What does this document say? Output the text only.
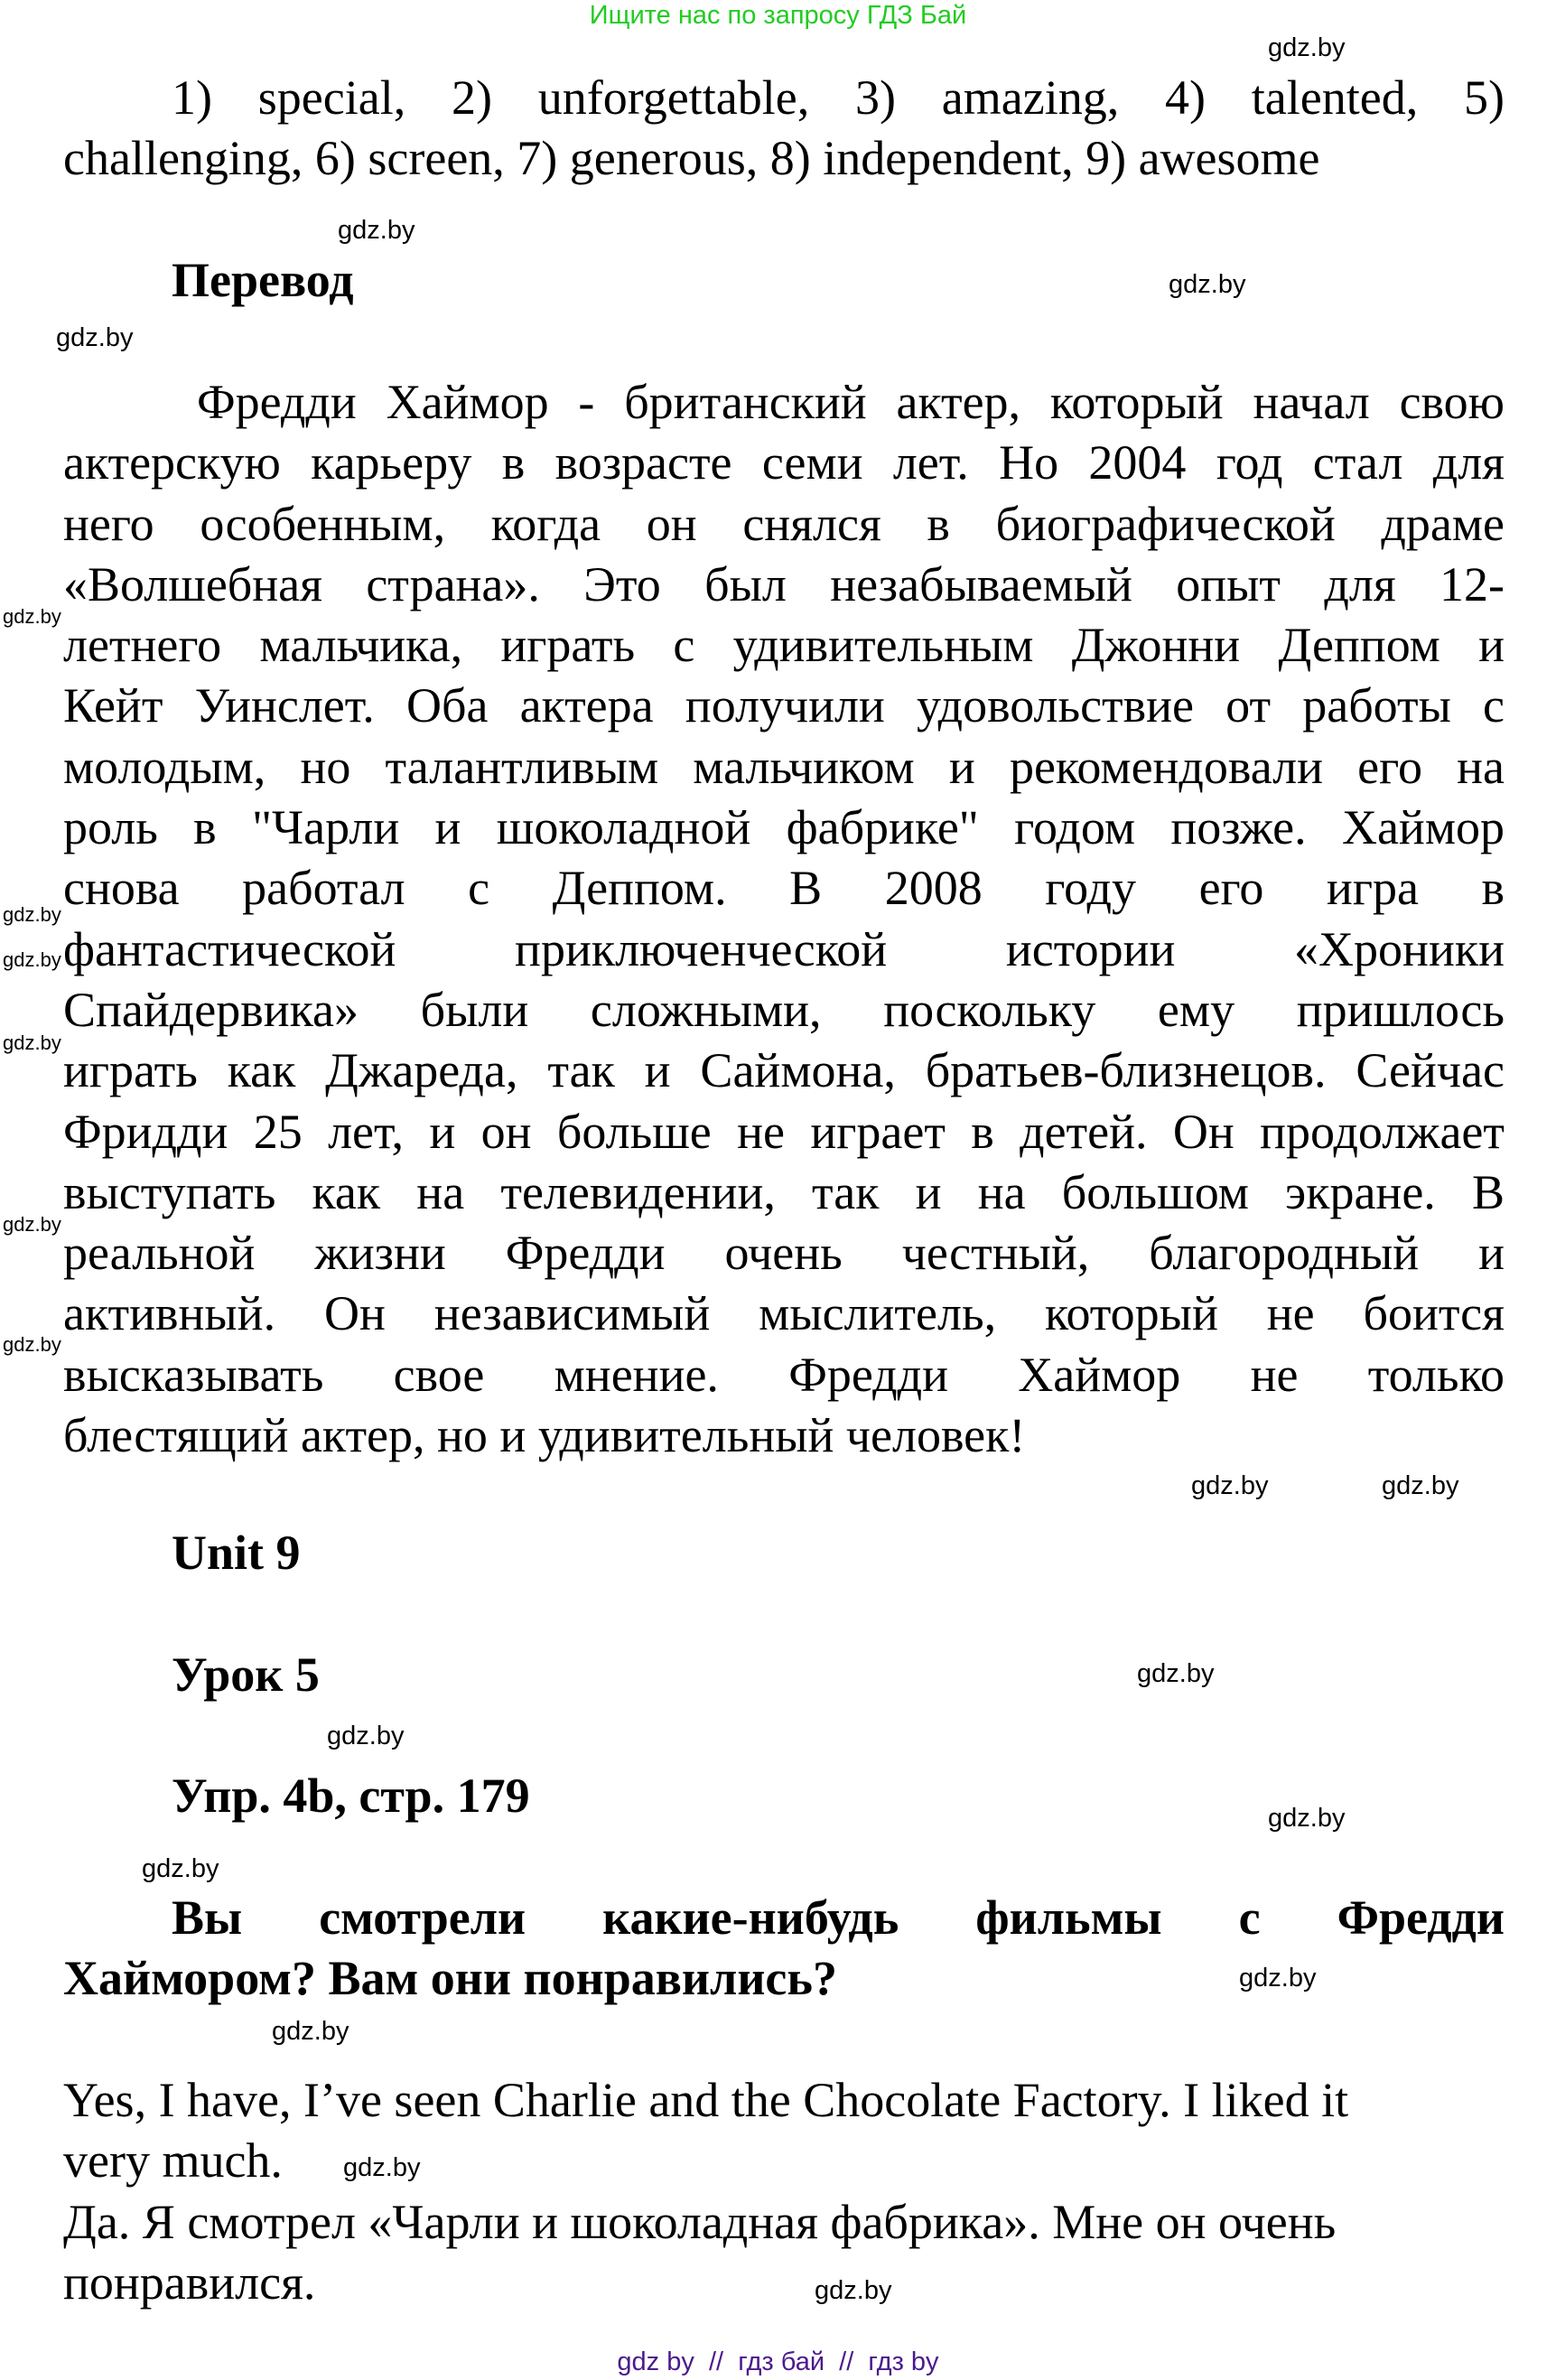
Ищите нас по запросу ГДЗ Бай
1) special, 2) unforgettable, 3) amazing, 4) talented, 5)
challenging, 6) screen, 7) generous, 8) independent, 9) awesome
Перевод
Фредди Хаймор - британский актер, который начал свою
актерскую карьеру в возрасте семи лет. Но 2004 год стал для
него особенным, когда он снялся в биографической драме
«Волшебная страна». Это был незабываемый опыт для 12-
летнего мальчика, играть с удивительным Джонни Деппом и
Кейт Уинслет. Оба актера получили удовольствие от работы с
молодым, но талантливым мальчиком и рекомендовали его на
роль в "Чарли и шоколадной фабрике" годом позже. Хаймор
снова работал с Деппом. В 2008 году его игра в
фантастической приключенческой истории «Хроники
Спайдервика» были сложными, поскольку ему пришлось
играть как Джареда, так и Саймона, братьев-близнецов. Сейчас
Фридди 25 лет, и он больше не играет в детей. Он продолжает
выступать как на телевидении, так и на большом экране. В
реальной жизни Фредди очень честный, благородный и
активный. Он независимый мыслитель, который не боится
высказывать свое мнение. Фредди Хаймор не только
блестящий актер, но и удивительный человек!
Unit 9
Урок 5
Упр. 4b, стр. 179
Вы смотрели какие-нибудь фильмы с Фредди
Хаймором? Вам они понравились?
Yes, I have, I’ve seen Charlie and the Chocolate Factory. I liked it
very much.
Да. Я смотрел «Чарли и шоколадная фабрика». Мне он очень
понравился.
gdz.by
gdz.by
gdz.by
gdz.by
gdz.by
gdz.by
gdz.by
gdz.by
gdz.by
gdz.by
gdz.by
gdz.by
gdz.by
gdz.by
gdz.by
gdz.by
gdz.by
gdz.by
gdz.by
gdz.by
gdz by  //  гдз бай  //  гдз by
